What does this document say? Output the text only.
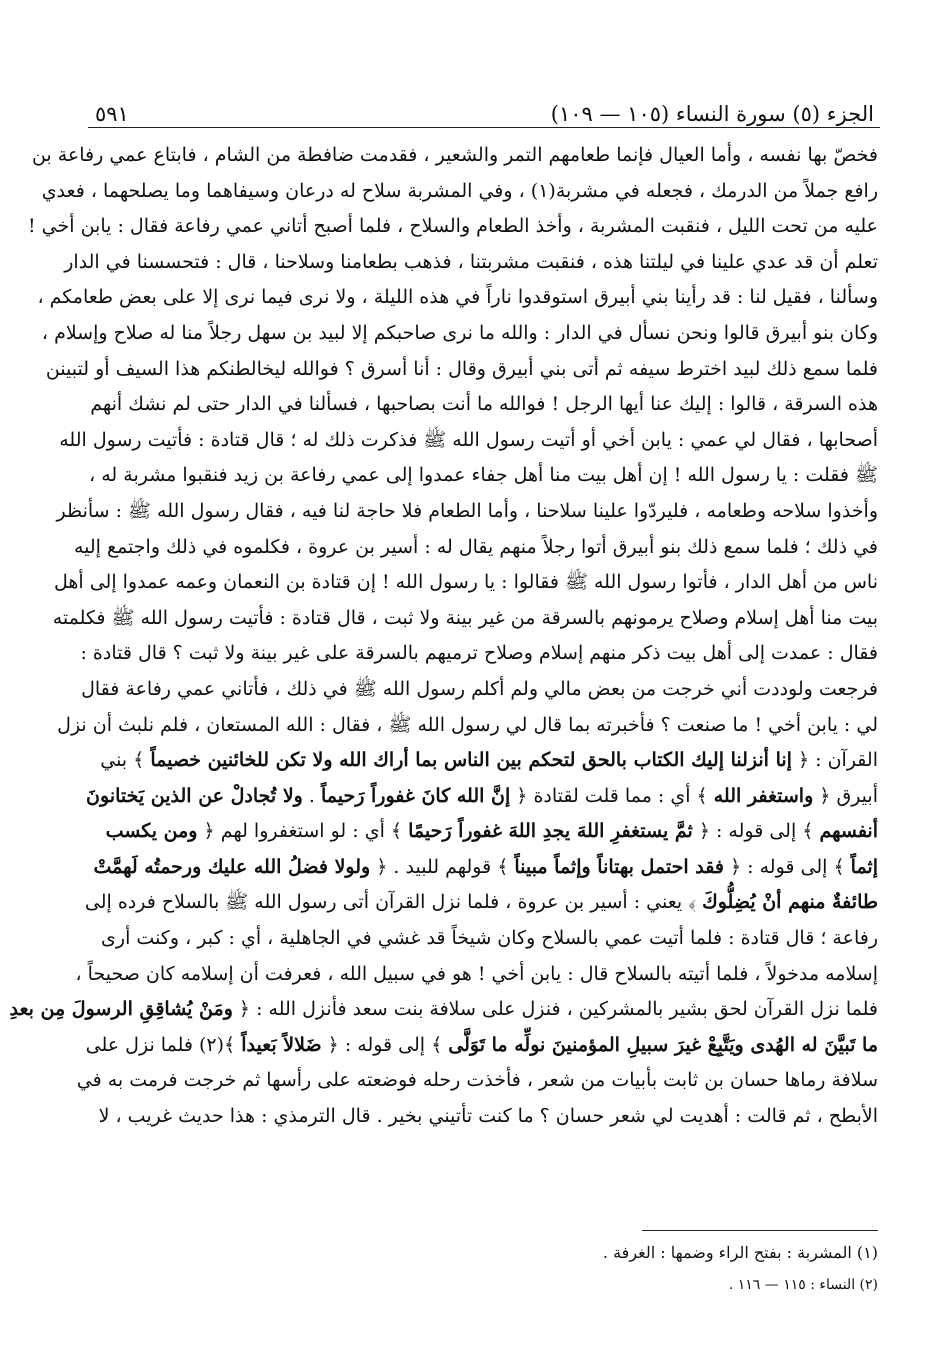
الجزء (٥) سورة النساء (١٠٥ — ١٠٩)
٥٩١
فخصّ بها نفسه ، وأما العيال فإنما طعامهم التمر والشعير ، فقدمت ضافطة من الشام ، فابتاع عمي رفاعة بن
رافع جملاً من الدرمك ، فجعله في مشربة(١) ، وفي المشربة سلاح له درعان وسيفاهما وما يصلحهما ، فعدي
عليه من تحت الليل ، فنقبت المشربة ، وأخذ الطعام والسلاح ، فلما أصبح أتاني عمي رفاعة فقال : يابن أخي !
تعلم أن قد عدي علينا في ليلتنا هذه ، فنقبت مشربتنا ، فذهب بطعامنا وسلاحنا ، قال : فتحسسنا في الدار
وسألنا ، فقيل لنا : قد رأينا بني أبيرق استوقدوا ناراً في هذه الليلة ، ولا نرى فيما نرى إلا على بعض طعامكم ،
وكان بنو أبيرق قالوا ونحن نسأل في الدار : والله ما نرى صاحبكم إلا لبيد بن سهل رجلاً منا له صلاح وإسلام ،
فلما سمع ذلك لبيد اخترط سيفه ثم أتى بني أبيرق وقال : أنا أسرق ؟ فوالله ليخالطنكم هذا السيف أو لتبينن
هذه السرقة ، قالوا : إليك عنا أيها الرجل ! فوالله ما أنت بصاحبها ، فسألنا في الدار حتى لم نشك أنهم
أصحابها ، فقال لي عمي : يابن أخي أو أتيت رسول الله ﷺ فذكرت ذلك له ؛ قال قتادة : فأتيت رسول الله
ﷺ فقلت : يا رسول الله ! إن أهل بيت منا أهل جفاء عمدوا إلى عمي رفاعة بن زيد فنقبوا مشربة له ،
وأخذوا سلاحه وطعامه ، فليردّوا علينا سلاحنا ، وأما الطعام فلا حاجة لنا فيه ، فقال رسول الله ﷺ : سأنظر
في ذلك ؛ فلما سمع ذلك بنو أبيرق أتوا رجلاً منهم يقال له : أسير بن عروة ، فكلموه في ذلك واجتمع إليه
ناس من أهل الدار ، فأتوا رسول الله ﷺ فقالوا : يا رسول الله ! إن قتادة بن النعمان وعمه عمدوا إلى أهل
بيت منا أهل إسلام وصلاح يرمونهم بالسرقة من غير بينة ولا ثبت ، قال قتادة : فأتيت رسول الله ﷺ فكلمته
فقال : عمدت إلى أهل بيت ذكر منهم إسلام وصلاح ترميهم بالسرقة على غير بينة ولا ثبت ؟ قال قتادة :
فرجعت ولوددت أني خرجت من بعض مالي ولم أكلم رسول الله ﷺ في ذلك ، فأتاني عمي رفاعة فقال
لي : يابن أخي ! ما صنعت ؟ فأخبرته بما قال لي رسول الله ﷺ ، فقال : الله المستعان ، فلم نلبث أن نزل
القرآن : ﴿ إنا أنزلنا إليك الكتاب بالحق لتحكم بين الناس بما أراك الله ولا تكن للخائنين خصيماً ﴾ بني
أبيرق ﴿ واستغفر الله ﴾ أي : مما قلت لقتادة ﴿ إنَّ الله كانَ غفوراً رَحيماً . ولا تُجادلْ عن الذين يَختانونَ
أنفسهم ﴾ إلى قوله : ﴿ ثمَّ يستغفرِ اللهَ يجدِ اللهَ غفوراً رَحيمًا ﴾ أي : لو استغفروا لهم ﴿ ومن يكسب
إثماً ﴾ إلى قوله : ﴿ فقد احتمل بهتاناً وإثماً مبيناً ﴾ قولهم للبيد . ﴿ ولولا فضلُ الله عليك ورحمتُه لَهمَّتْ
طائفةٌ منهم أنْ يُضِلُّوكَ ﴾ يعني : أسير بن عروة ، فلما نزل القرآن أتى رسول الله ﷺ بالسلاح فرده إلى
رفاعة ؛ قال قتادة : فلما أتيت عمي بالسلاح وكان شيخاً قد غشي في الجاهلية ، أي : كبر ، وكنت أرى
إسلامه مدخولاً ، فلما أتيته بالسلاح قال : يابن أخي ! هو في سبيل الله ، فعرفت أن إسلامه كان صحيحاً ،
فلما نزل القرآن لحق بشير بالمشركين ، فنزل على سلافة بنت سعد فأنزل الله : ﴿ ومَنْ يُشاقِقِ الرسولَ مِن بعدِ
ما تَبيَّنَ له الهُدى ويَتَّبِعْ غيرَ سبيلِ المؤمنينَ نولِّه ما تَوَلَّى ﴾ إلى قوله : ﴿ ضَلالاً بَعيداً ﴾(٢) فلما نزل على
سلافة رماها حسان بن ثابت بأبيات من شعر ، فأخذت رحله فوضعته على رأسها ثم خرجت فرمت به في
الأبطح ، ثم قالت : أهديت لي شعر حسان ؟ ما كنت تأتيني بخير . قال الترمذي : هذا حديث غريب ، لا
(١) المشربة : بفتح الراء وضمها : الغرفة .
(٢) النساء : ١١٥ — ١١٦ .
